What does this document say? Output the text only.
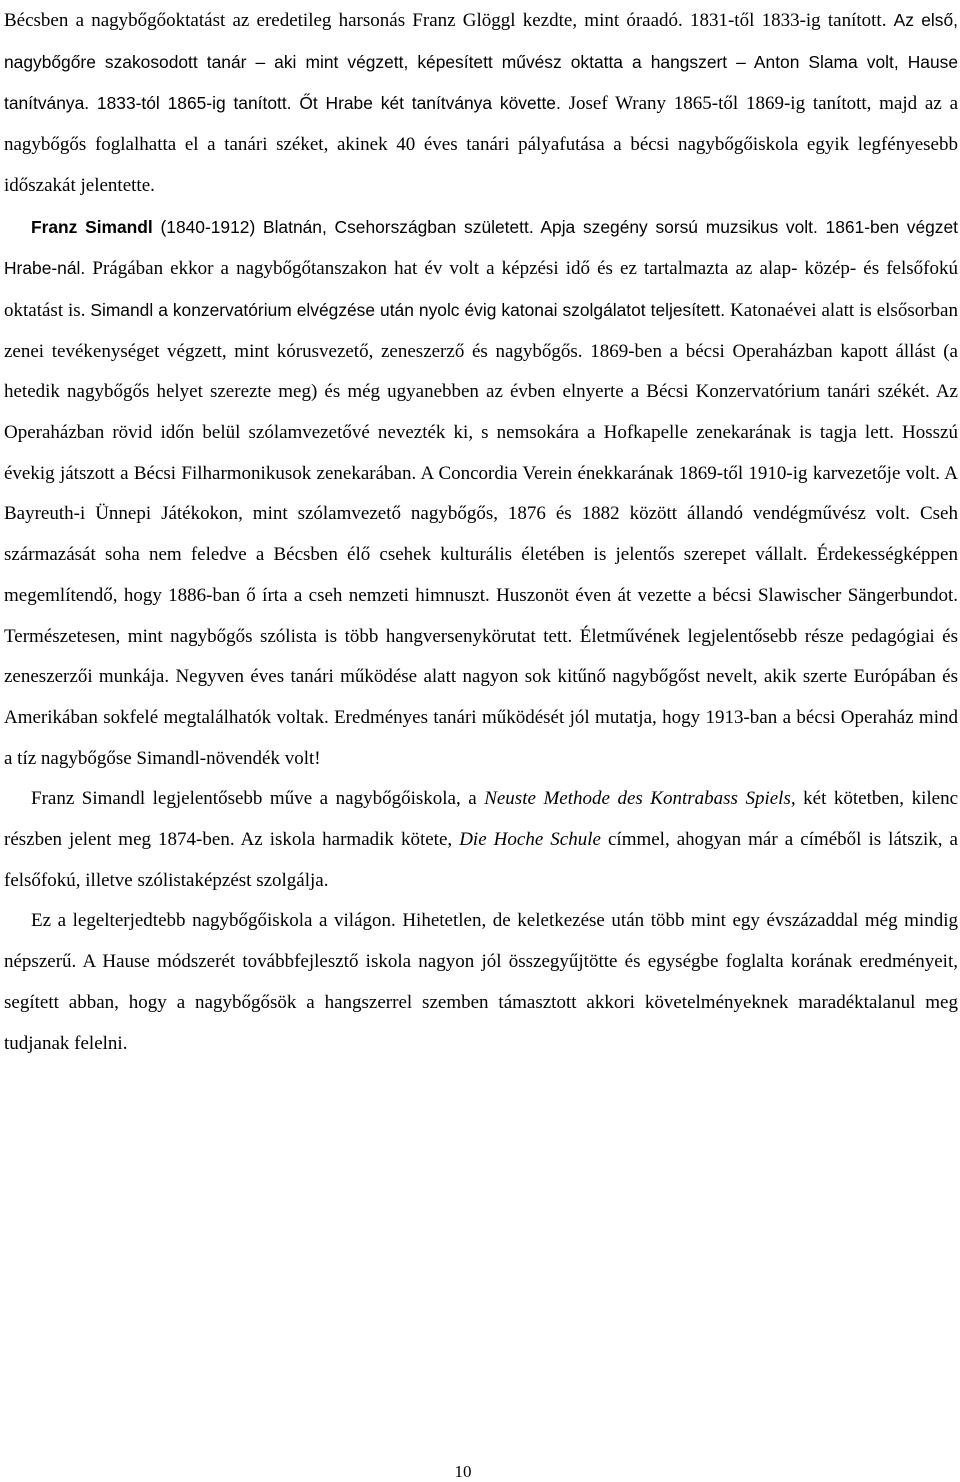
Bécsben a nagybőgőoktatást az eredetileg harsonás Franz Glöggl kezdte, mint óraadó. 1831-től 1833-ig tanított. Az első, nagybőgőre szakosodott tanár – aki mint végzett, képesített művész oktatta a hangszert – Anton Slama volt, Hause tanítványa. 1833-tól 1865-ig tanított. Őt Hrabe két tanítványa követte. Josef Wrany 1865-től 1869-ig tanított, majd az a nagybőgős foglalhatta el a tanári széket, akinek 40 éves tanári pályafutása a bécsi nagybőgőiskola egyik legfényesebb időszakát jelentette.

Franz Simandl (1840-1912) Blatnán, Csehországban született. Apja szegény sorsú muzsikus volt. 1861-ben végzet Hrabe-nál. Prágában ekkor a nagybőgőtanszakon hat év volt a képzési idő és ez tartalmazta az alap- közép- és felsőfokú oktatást is. Simandl a konzervatórium elvégzése után nyolc évig katonai szolgálatot teljesített. Katonaévei alatt is elsősorban zenei tevékenységet végzett, mint kórusvezető, zeneszerző és nagybőgős. 1869-ben a bécsi Operaházban kapott állást (a hetedik nagybőgős helyet szerezte meg) és még ugyanebben az évben elnyerte a Bécsi Konzervatórium tanári székét. Az Operaházban rövid időn belül szólamvezetővé nevezték ki, s nemsokára a Hofkapelle zenekarának is tagja lett. Hosszú évekig játszott a Bécsi Filharmonikusok zenekarában. A Concordia Verein énekkarának 1869-től 1910-ig karvezetője volt. A Bayreuth-i Ünnepi Játékokon, mint szólamvezető nagybőgős, 1876 és 1882 között állandó vendégművész volt. Cseh származását soha nem feledve a Bécsben élő csehek kulturális életében is jelentős szerepet vállalt. Érdekességképpen megemlítendő, hogy 1886-ban ő írta a cseh nemzeti himnuszt. Huszonöt éven át vezette a bécsi Slawischer Sängerbundot. Természetesen, mint nagybőgős szólista is több hangversenykörutat tett. Életművének legjelentősebb része pedagógiai és zeneszerzői munkája. Negyven éves tanári működése alatt nagyon sok kitűnő nagybőgőst nevelt, akik szerte Európában és Amerikában sokfelé megtalálhatók voltak. Eredményes tanári működését jól mutatja, hogy 1913-ban a bécsi Operaház mind a tíz nagybőgőse Simandl-növendék volt!

Franz Simandl legjelentősebb műve a nagybőgőiskola, a Neuste Methode des Kontrabass Spiels, két kötetben, kilenc részben jelent meg 1874-ben. Az iskola harmadik kötete, Die Hoche Schule címmel, ahogyan már a címéből is látszik, a felsőfokú, illetve szólistaképzést szolgálja.

Ez a legelterjedtebb nagybőgőiskola a világon. Hihetetlen, de keletkezése után több mint egy évszázaddal még mindig népszerű. A Hause módszerét továbbfejlesztő iskola nagyon jól összegyűjtötte és egységbe foglalta korának eredményeit, segített abban, hogy a nagybőgősök a hangszerrel szemben támasztott akkori követelményeknek maradéktalanul meg tudjanak felelni.

10
